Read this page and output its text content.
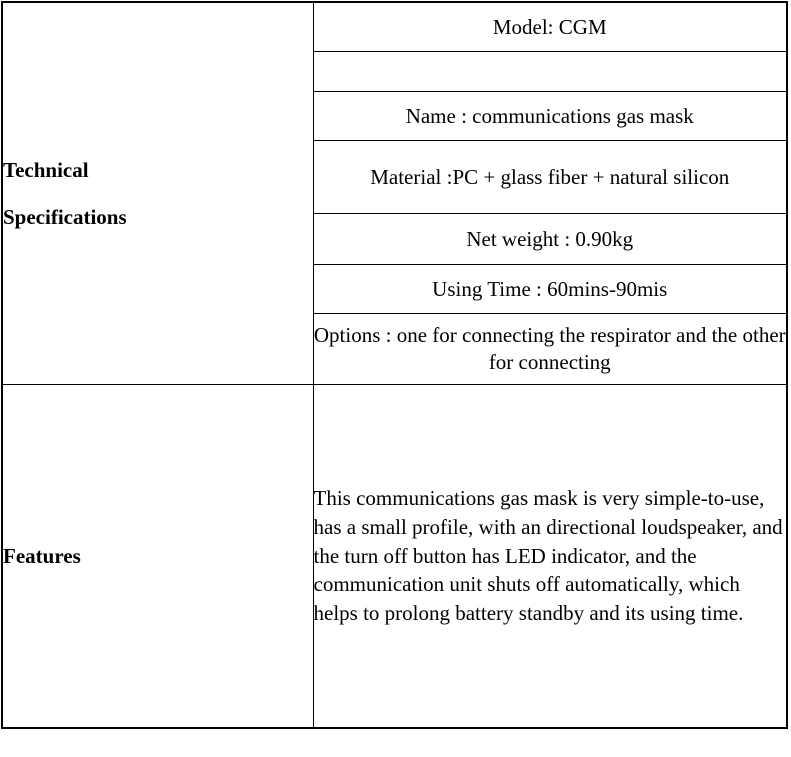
Technical
Specifications	Model: CGM

	Name : communications gas mask
	Material :PC + glass fiber + natural silicon
	Net weight : 0.90kg
	Using Time : 60mins-90mis
	Options : one for connecting the respirator and the other for connecting
Features	This communications gas mask is very simple-to-use, has a small profile, with an directional loudspeaker, and the turn off button has LED indicator, and the communication unit shuts off automatically, which helps to prolong battery standby and its using time.
